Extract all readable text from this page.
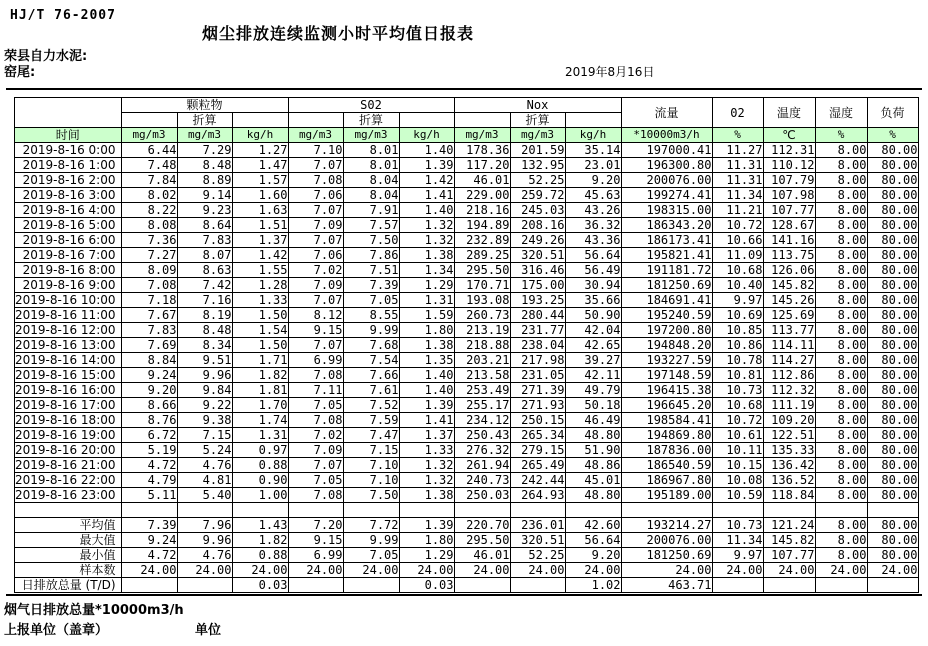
HJ/T 76-2007
烟尘排放连续监测小时平均值日报表
荣县自力水泥:
窑尾:	2019年8月16日
	颗粒物			S02			Nox			流量	02	温度	湿度	负荷
		折算			折算			折算						
时间	mg/m3	mg/m3	kg/h	mg/m3	mg/m3	kg/h	mg/m3	mg/m3	kg/h	*10000m3/h	%	℃	%	%

2019-8-16 0:00	6.44	7.29	1.27	7.10	8.01	1.40	178.36	201.59	35.14	197000.41	11.27	112.31	8.00	80.00

2019-8-16 1:00	7.48	8.48	1.47	7.07	8.01	1.39	117.20	132.95	23.01	196300.80	11.31	110.12	8.00	80.00

2019-8-16 2:00	7.84	8.89	1.57	7.08	8.04	1.42	46.01	52.25	9.20	200076.00	11.31	107.79	8.00	80.00

2019-8-16 3:00	8.02	9.14	1.60	7.06	8.04	1.41	229.00	259.72	45.63	199274.41	11.34	107.98	8.00	80.00

2019-8-16 4:00	8.22	9.23	1.63	7.07	7.91	1.40	218.16	245.03	43.26	198315.00	11.21	107.77	8.00	80.00

2019-8-16 5:00	8.08	8.64	1.51	7.09	7.57	1.32	194.89	208.16	36.32	186343.20	10.72	128.67	8.00	80.00

2019-8-16 6:00	7.36	7.83	1.37	7.07	7.50	1.32	232.89	249.26	43.36	186173.41	10.66	141.16	8.00	80.00

2019-8-16 7:00	7.27	8.07	1.42	7.06	7.86	1.38	289.25	320.51	56.64	195821.41	11.09	113.75	8.00	80.00

2019-8-16 8:00	8.09	8.63	1.55	7.02	7.51	1.34	295.50	316.46	56.49	191181.72	10.68	126.06	8.00	80.00

2019-8-16 9:00	7.08	7.42	1.28	7.09	7.39	1.29	170.71	175.00	30.94	181250.69	10.40	145.82	8.00	80.00

2019-8-16 10:00	7.18	7.16	1.33	7.07	7.05	1.31	193.08	193.25	35.66	184691.41	9.97	145.26	8.00	80.00

2019-8-16 11:00	7.67	8.19	1.50	8.12	8.55	1.59	260.73	280.44	50.90	195240.59	10.69	125.69	8.00	80.00

2019-8-16 12:00	7.83	8.48	1.54	9.15	9.99	1.80	213.19	231.77	42.04	197200.80	10.85	113.77	8.00	80.00

2019-8-16 13:00	7.69	8.34	1.50	7.07	7.68	1.38	218.88	238.04	42.65	194848.20	10.86	114.11	8.00	80.00

2019-8-16 14:00	8.84	9.51	1.71	6.99	7.54	1.35	203.21	217.98	39.27	193227.59	10.78	114.27	8.00	80.00

2019-8-16 15:00	9.24	9.96	1.82	7.08	7.66	1.40	213.58	231.05	42.11	197148.59	10.81	112.86	8.00	80.00

2019-8-16 16:00	9.20	9.84	1.81	7.11	7.61	1.40	253.49	271.39	49.79	196415.38	10.73	112.32	8.00	80.00

2019-8-16 17:00	8.66	9.22	1.70	7.05	7.52	1.39	255.17	271.93	50.18	196645.20	10.68	111.19	8.00	80.00

2019-8-16 18:00	8.76	9.38	1.74	7.08	7.59	1.41	234.12	250.15	46.49	198584.41	10.72	109.20	8.00	80.00

2019-8-16 19:00	6.72	7.15	1.31	7.02	7.47	1.37	250.43	265.34	48.80	194869.80	10.61	122.51	8.00	80.00

2019-8-16 20:00	5.19	5.24	0.97	7.09	7.15	1.33	276.32	279.15	51.90	187836.00	10.11	135.33	8.00	80.00

2019-8-16 21:00	4.72	4.76	0.88	7.07	7.10	1.32	261.94	265.49	48.86	186540.59	10.15	136.42	8.00	80.00

2019-8-16 22:00	4.79	4.81	0.90	7.05	7.10	1.32	240.73	242.44	45.01	186967.80	10.08	136.52	8.00	80.00

2019-8-16 23:00	5.11	5.40	1.00	7.08	7.50	1.38	250.03	264.93	48.80	195189.00	10.59	118.84	8.00	80.00

平均值	7.39	7.96	1.43	7.20	7.72	1.39	220.70	236.01	42.60	193214.27	10.73	121.24	8.00	80.00

最大值	9.24	9.96	1.82	9.15	9.99	1.80	295.50	320.51	56.64	200076.00	11.34	145.82	8.00	80.00

最小值	4.72	4.76	0.88	6.99	7.05	1.29	46.01	52.25	9.20	181250.69	9.97	107.77	8.00	80.00

样本数	24.00	24.00	24.00	24.00	24.00	24.00	24.00	24.00	24.00	24.00	24.00	24.00	24.00	24.00

日排放总量 (T/D)			0.03			0.03			1.02	463.71				
烟气日排放总量*10000m3/h
上报单位（盖章）	单位
